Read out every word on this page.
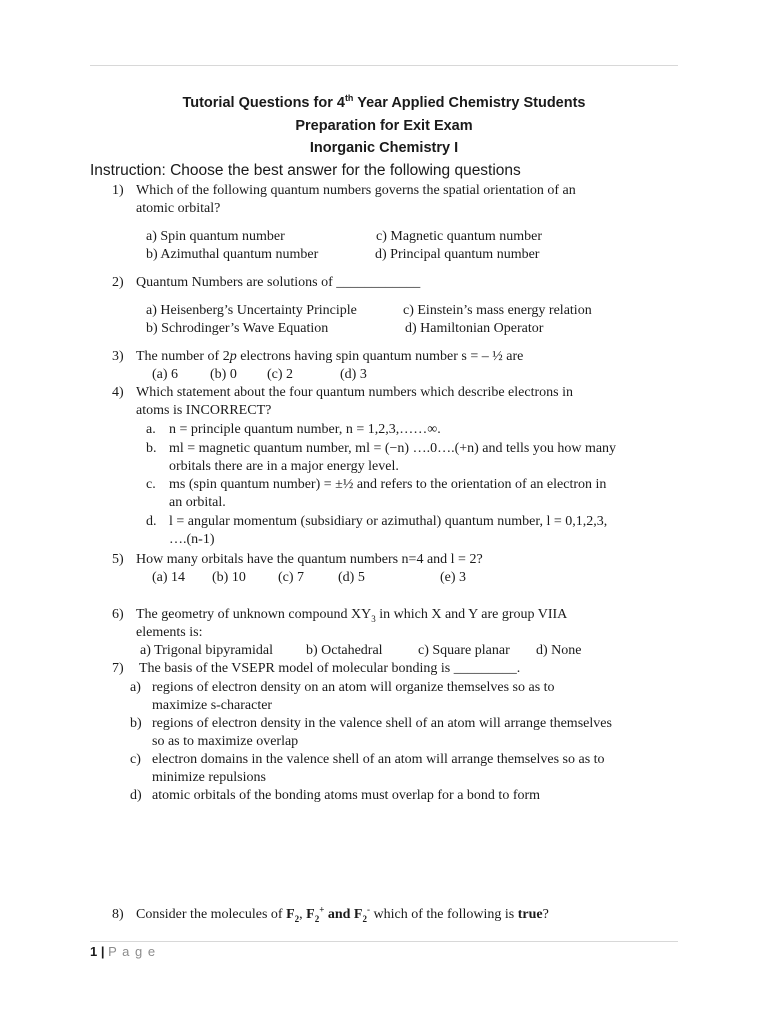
Tutorial Questions for 4th Year Applied Chemistry Students
Preparation for Exit Exam
Inorganic Chemistry I
Instruction: Choose the best answer for the following questions
1) Which of the following quantum numbers governs the spatial orientation of an
atomic orbital?
a) Spin quantum number	c) Magnetic quantum number
b) Azimuthal quantum number	d) Principal quantum number
2) Quantum Numbers are solutions of ____________
a) Heisenberg’s Uncertainty Principle	c) Einstein’s mass energy relation
b) Schrodinger’s Wave Equation	d) Hamiltonian Operator
3) The number of 2p electrons having spin quantum number s = – ½ are
(a) 6 (b) 0 (c) 2	(d) 3
4) Which statement about the four quantum numbers which describe electrons in
atoms is INCORRECT?
a. n = principle quantum number, n = 1,2,3,……∞.
b. ml = magnetic quantum number, ml = (−n) ….0….(+n) and tells you how many
orbitals there are in a major energy level.
c. ms (spin quantum number) = ±½ and refers to the orientation of an electron in
an orbital.
d. l = angular momentum (subsidiary or azimuthal) quantum number, l = 0,1,2,3,
….(n-1)
5) How many orbitals have the quantum numbers n=4 and l = 2?
(a) 14 (b) 10 (c) 7 (d) 5	(e) 3
6) The geometry of unknown compound $XY_3$ in which X and Y are group VIIA
elements is:
a) Trigonal bipyramidal b) Octahedral	c) Square planar d) None
7) The basis of the VSEPR model of molecular bonding is _________.
a) regions of electron density on an atom will organize themselves so as to
maximize s-character
b) regions of electron density in the valence shell of an atom will arrange themselves
so as to maximize overlap
c) electron domains in the valence shell of an atom will arrange themselves so as to
minimize repulsions
d) atomic orbitals of the bonding atoms must overlap for a bond to form
8) Consider the molecules of $F_2$, $F_2^+$ and $F_2^-$ which of the following is true?
1 | P a g e
